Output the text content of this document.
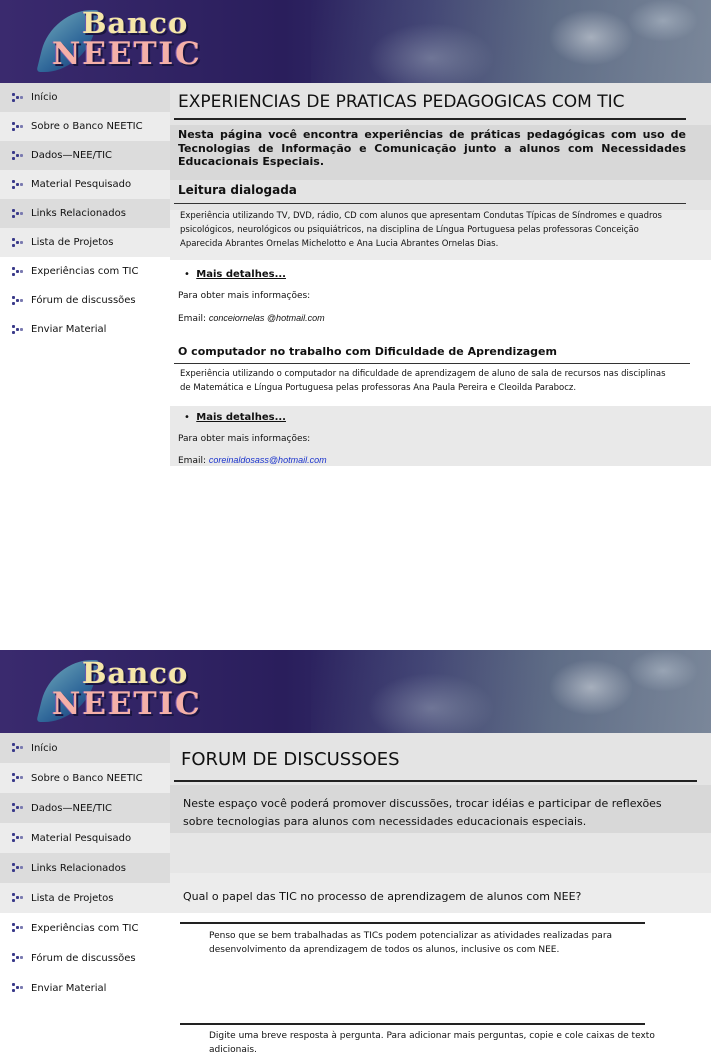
Banco
NEETIC
Início
Sobre o Banco NEETIC
Dados—NEE/TIC
Material Pesquisado
Links Relacionados
Lista de Projetos
Experiências com TIC
Fórum de discussões
Enviar Material
EXPERIENCIAS DE PRATICAS PEDAGOGICAS COM TIC
Nesta página você encontra experiências de práticas pedagógicas com uso de Tecnologias de Informação e Comunicação junto a alunos com Necessidades Educacionais Especiais.
Leitura dialogada
Experiência utilizando TV, DVD, rádio, CD com alunos que apresentam Condutas Típicas de Síndromes e quadros psicológicos, neurológicos ou psiquiátricos, na disciplina de Língua Portuguesa pelas professoras Conceição Aparecida Abrantes Ornelas Michelotto e Ana Lucia Abrantes Ornelas Dias.
• Mais detalhes...
Para obter mais informações:
Email: conceiornelas @hotmail.com
O computador no trabalho com Dificuldade de Aprendizagem
Experiência utilizando o computador na dificuldade de aprendizagem de aluno de sala de recursos nas disciplinas de Matemática e Língua Portuguesa pelas professoras Ana Paula Pereira e Cleoilda Parabocz.
• Mais detalhes...
Para obter mais informações:
Email: coreinaldosass@hotmail.com
Banco
NEETIC
Início
Sobre o Banco NEETIC
Dados—NEE/TIC
Material Pesquisado
Links Relacionados
Lista de Projetos
Experiências com TIC
Fórum de discussões
Enviar Material
FORUM DE DISCUSSOES
Neste espaço você poderá promover discussões, trocar idéias e participar de reflexões sobre tecnologias para alunos com necessidades educacionais especiais.
Qual o papel das TIC no processo de aprendizagem de alunos com NEE?
Penso que se bem trabalhadas as TICs podem potencializar as atividades realizadas para desenvolvimento da aprendizagem de todos os alunos, inclusive os com NEE.
Digite uma breve resposta à pergunta. Para adicionar mais perguntas, copie e cole caixas de texto adicionais.
